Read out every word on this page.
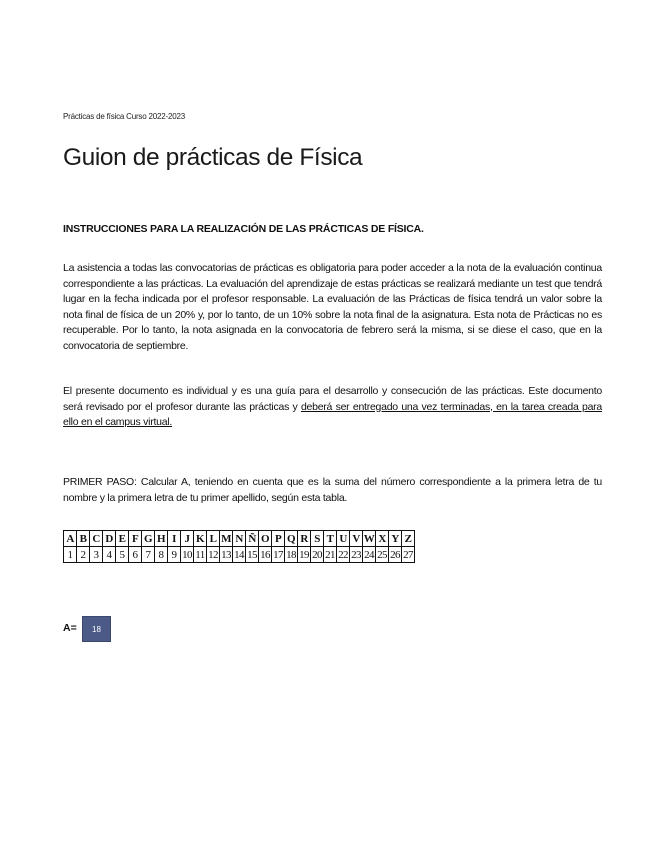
Prácticas de física Curso 2022-2023
Guion de prácticas de Física
INSTRUCCIONES PARA LA REALIZACIÓN DE LAS PRÁCTICAS DE FÍSICA.

La asistencia a todas las convocatorias de prácticas es obligatoria para poder acceder a la nota de la evaluación continua correspondiente a las prácticas. La evaluación del aprendizaje de estas prácticas se realizará mediante un test que tendrá lugar en la fecha indicada por el profesor responsable. La evaluación de las Prácticas de física tendrá un valor sobre la nota final de física de un 20% y, por lo tanto, de un 10% sobre la nota final de la asignatura. Esta nota de Prácticas no es recuperable. Por lo tanto, la nota asignada en la convocatoria de febrero será la misma, si se diese el caso, que en la convocatoria de septiembre.

El presente documento es individual y es una guía para el desarrollo y consecución de las prácticas. Este documento será revisado por el profesor durante las prácticas y deberá ser entregado una vez terminadas, en la tarea creada para ello en el campus virtual.

PRIMER PASO: Calcular A, teniendo en cuenta que es la suma del número correspondiente a la primera letra de tu nombre y la primera letra de tu primer apellido, según esta tabla.

A	B	C	D	E	F	G	H	I	J	K	L	M	N	Ñ	O	P	Q	R	S	T	U	V	W	X	Y	Z
1	2	3	4	5	6	7	8	9	10	11	12	13	14	15	16	17	18	19	20	21	22	23	24	25	26	27
A=	18
